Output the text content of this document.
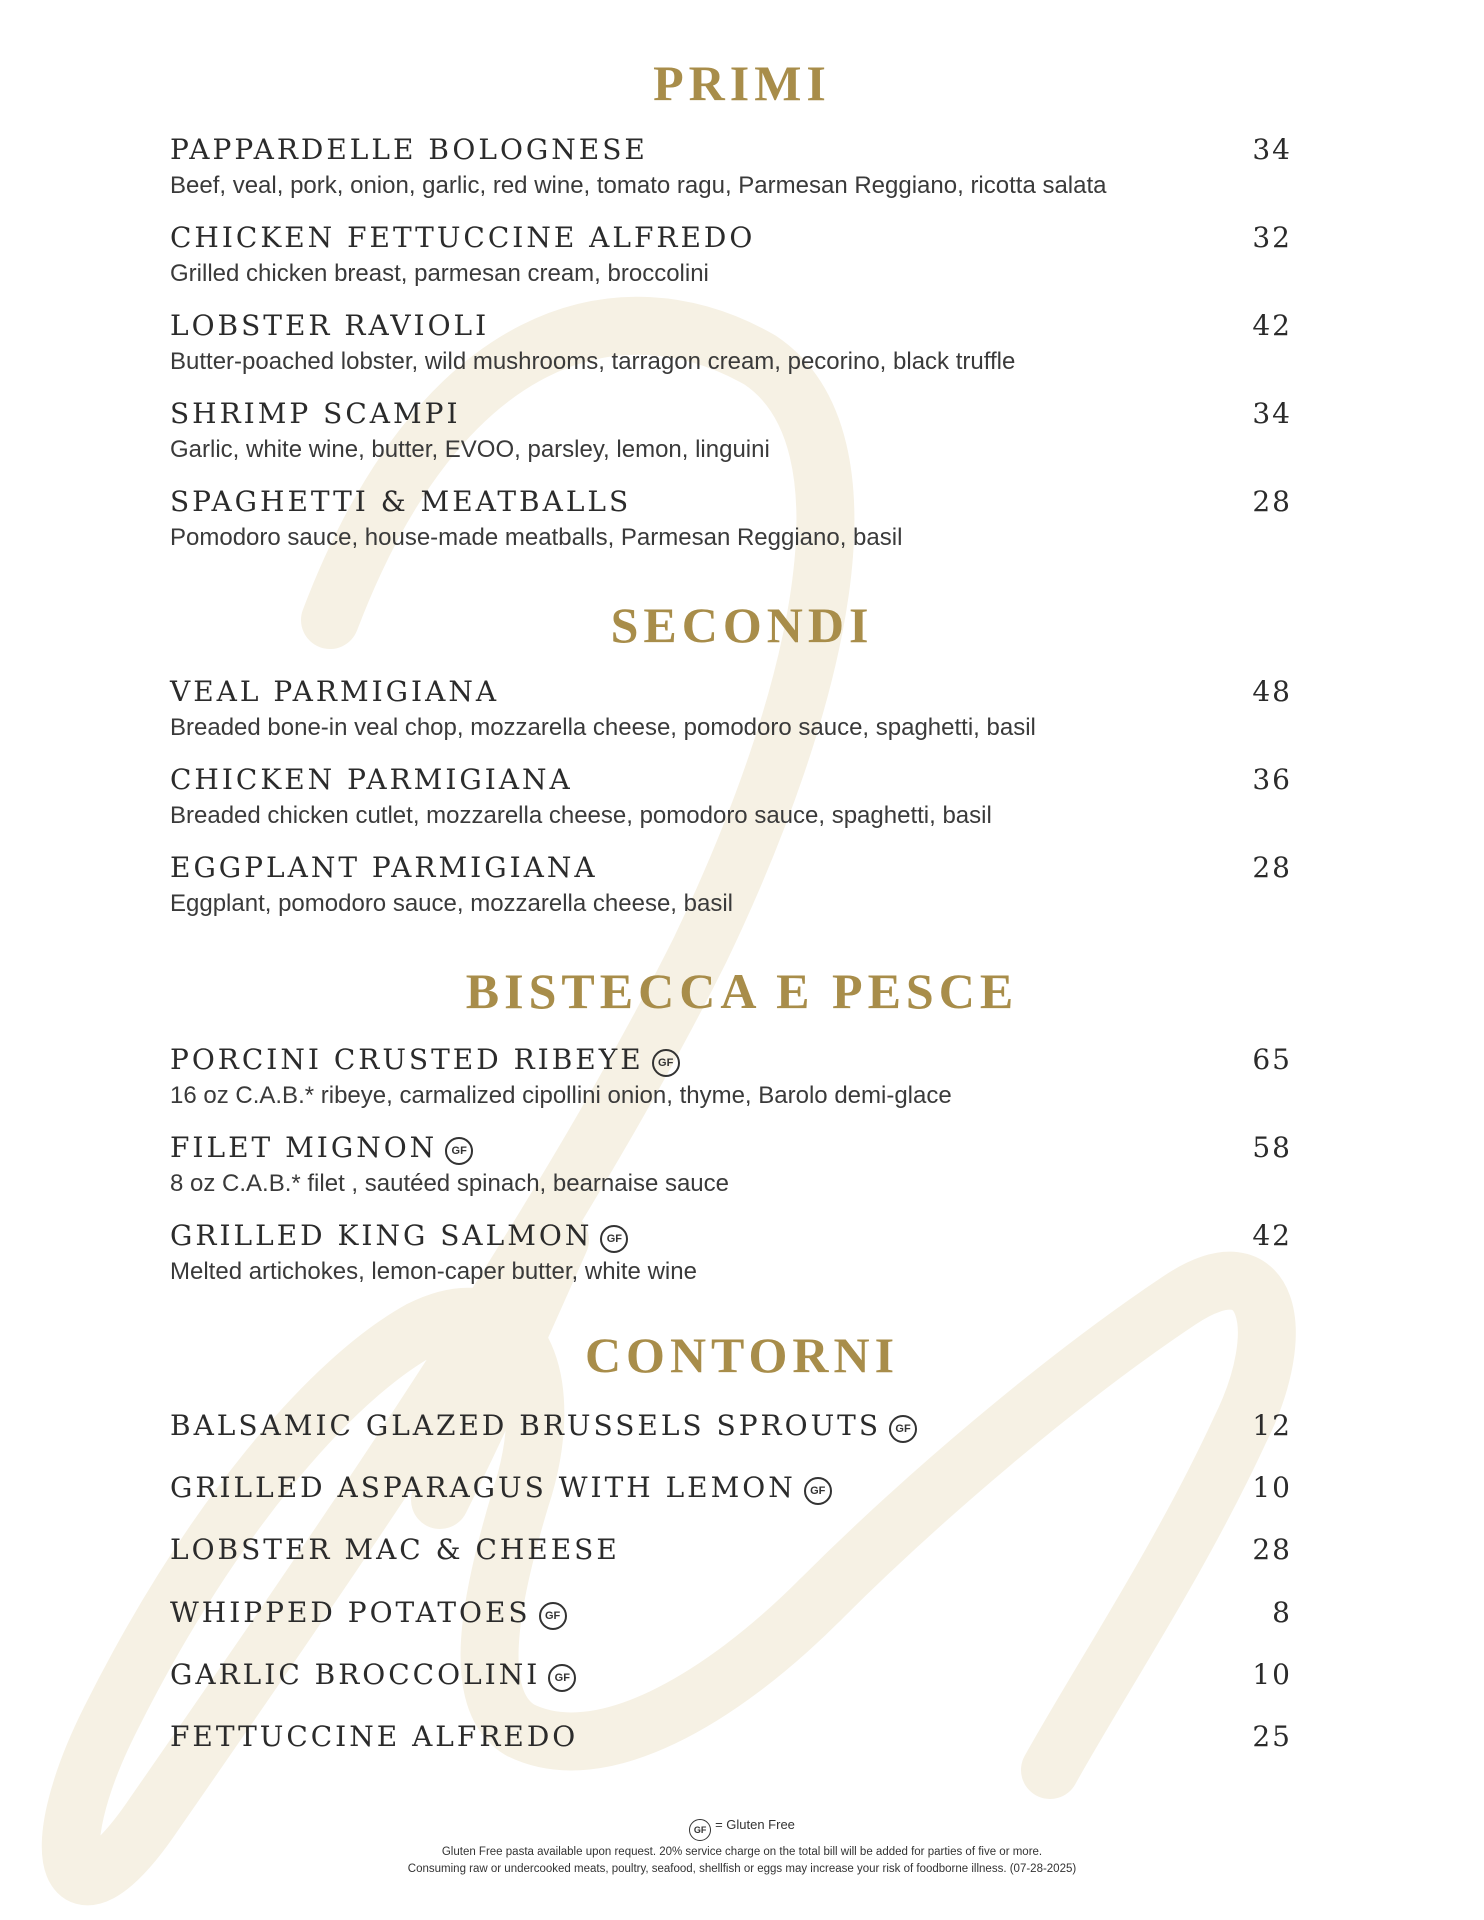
PRIMI
PAPPARDELLE BOLOGNESE	34
Beef, veal, pork, onion, garlic, red wine, tomato ragu, Parmesan Reggiano, ricotta salata
CHICKEN FETTUCCINE ALFREDO	32
Grilled chicken breast, parmesan cream, broccolini
LOBSTER RAVIOLI	42
Butter-poached lobster, wild mushrooms, tarragon cream, pecorino, black truffle
SHRIMP SCAMPI	34
Garlic, white wine, butter, EVOO, parsley, lemon, linguini
SPAGHETTI & MEATBALLS	28
Pomodoro sauce, house-made meatballs, Parmesan Reggiano, basil
SECONDI
VEAL PARMIGIANA	48
Breaded bone-in veal chop, mozzarella cheese, pomodoro sauce, spaghetti, basil
CHICKEN PARMIGIANA	36
Breaded chicken cutlet, mozzarella cheese, pomodoro sauce, spaghetti, basil
EGGPLANT PARMIGIANA	28
Eggplant, pomodoro sauce, mozzarella cheese, basil
BISTECCA E PESCE
PORCINI CRUSTED RIBEYE GF	65
16 oz C.A.B.* ribeye, carmalized cipollini onion, thyme, Barolo demi-glace
FILET MIGNON GF	58
8 oz C.A.B.* filet , sautéed spinach, bearnaise sauce
GRILLED KING SALMON GF	42
Melted artichokes, lemon-caper butter, white wine
CONTORNI
BALSAMIC GLAZED BRUSSELS SPROUTS GF	12
GRILLED ASPARAGUS WITH LEMON GF	10
LOBSTER MAC & CHEESE	28
WHIPPED POTATOES GF	8
GARLIC BROCCOLINI GF	10
FETTUCCINE ALFREDO	25
GF = Gluten Free
Gluten Free pasta available upon request. 20% service charge on the total bill will be added for parties of five or more.
Consuming raw or undercooked meats, poultry, seafood, shellfish or eggs may increase your risk of foodborne illness. (07-28-2025)
